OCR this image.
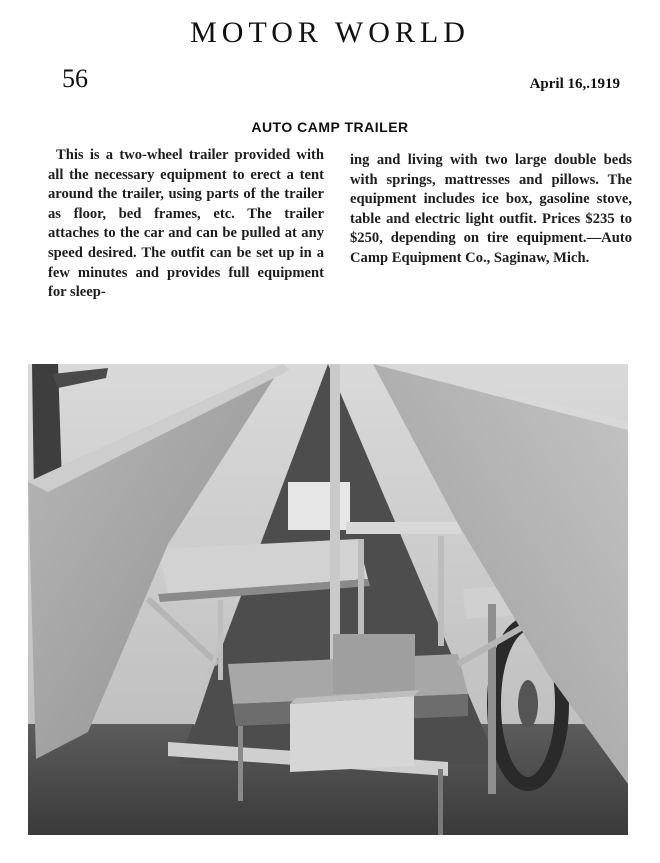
MOTOR WORLD
56	April 16,.1919
AUTO CAMP TRAILER

This is a two-wheel trailer provided with all the necessary equipment to erect a tent around the trailer, using parts of the trailer as floor, bed frames, etc. The trailer attaches to the car and can be pulled at any speed desired. The outfit can be set up in a few minutes and provides full equipment for sleep-

ing and living with two large double beds with springs, mattresses and pillows. The equipment includes ice box, gasoline stove, table and electric light outfit. Prices $235 to $250, depending on tire equipment.—Auto Camp Equipment Co., Saginaw, Mich.
